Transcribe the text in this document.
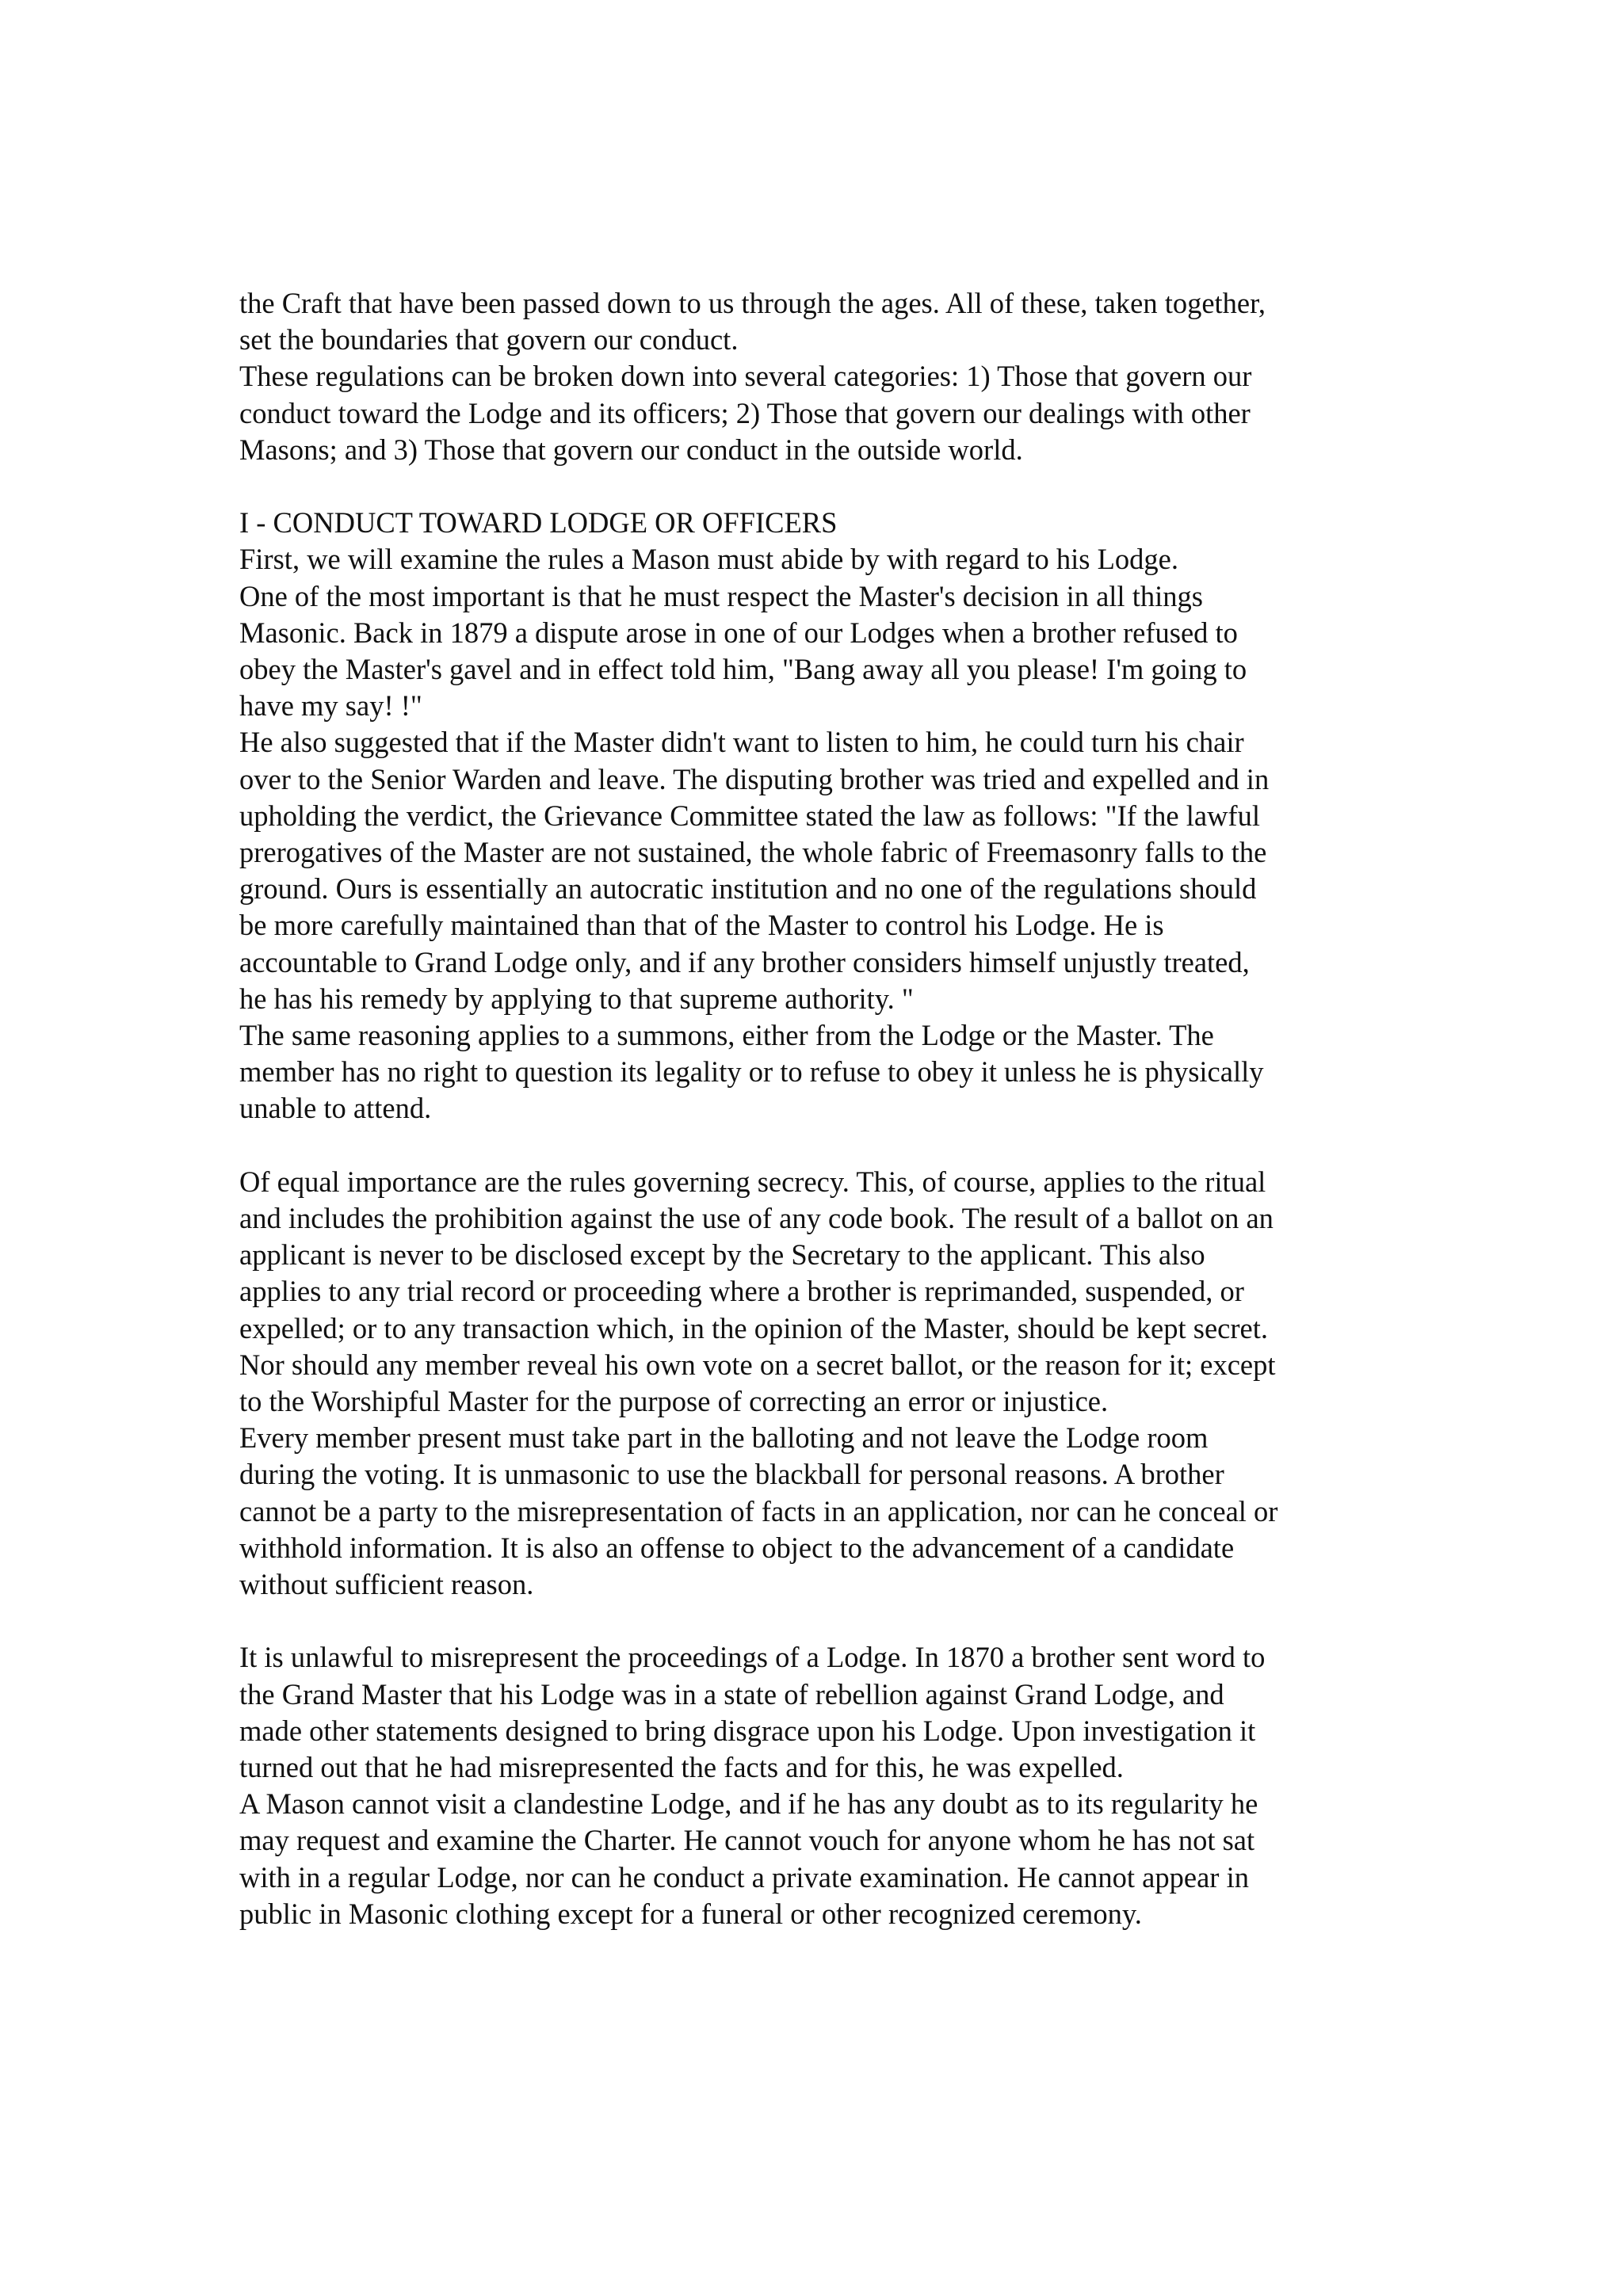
the Craft that have been passed down to us through the ages. All of these, taken together,
set the boundaries that govern our conduct.
These regulations can be broken down into several categories: 1) Those that govern our
conduct toward the Lodge and its officers; 2) Those that govern our dealings with other
Masons; and 3) Those that govern our conduct in the outside world.
I - CONDUCT TOWARD LODGE OR OFFICERS
First, we will examine the rules a Mason must abide by with regard to his Lodge.
One of the most important is that he must respect the Master's decision in all things
Masonic. Back in 1879 a dispute arose in one of our Lodges when a brother refused to
obey the Master's gavel and in effect told him, "Bang away all you please! I'm going to
have my say! !"
He also suggested that if the Master didn't want to listen to him, he could turn his chair
over to the Senior Warden and leave. The disputing brother was tried and expelled and in
upholding the verdict, the Grievance Committee stated the law as follows: "If the lawful
prerogatives of the Master are not sustained, the whole fabric of Freemasonry falls to the
ground. Ours is essentially an autocratic institution and no one of the regulations should
be more carefully maintained than that of the Master to control his Lodge. He is
accountable to Grand Lodge only, and if any brother considers himself unjustly treated,
he has his remedy by applying to that supreme authority. "
The same reasoning applies to a summons, either from the Lodge or the Master. The
member has no right to question its legality or to refuse to obey it unless he is physically
unable to attend.
Of equal importance are the rules governing secrecy. This, of course, applies to the ritual
and includes the prohibition against the use of any code book. The result of a ballot on an
applicant is never to be disclosed except by the Secretary to the applicant. This also
applies to any trial record or proceeding where a brother is reprimanded, suspended, or
expelled; or to any transaction which, in the opinion of the Master, should be kept secret.
Nor should any member reveal his own vote on a secret ballot, or the reason for it; except
to the Worshipful Master for the purpose of correcting an error or injustice.
Every member present must take part in the balloting and not leave the Lodge room
during the voting. It is unmasonic to use the blackball for personal reasons. A brother
cannot be a party to the misrepresentation of facts in an application, nor can he conceal or
withhold information. It is also an offense to object to the advancement of a candidate
without sufficient reason.
It is unlawful to misrepresent the proceedings of a Lodge. In 1870 a brother sent word to
the Grand Master that his Lodge was in a state of rebellion against Grand Lodge, and
made other statements designed to bring disgrace upon his Lodge. Upon investigation it
turned out that he had misrepresented the facts and for this, he was expelled.
A Mason cannot visit a clandestine Lodge, and if he has any doubt as to its regularity he
may request and examine the Charter. He cannot vouch for anyone whom he has not sat
with in a regular Lodge, nor can he conduct a private examination. He cannot appear in
public in Masonic clothing except for a funeral or other recognized ceremony.
